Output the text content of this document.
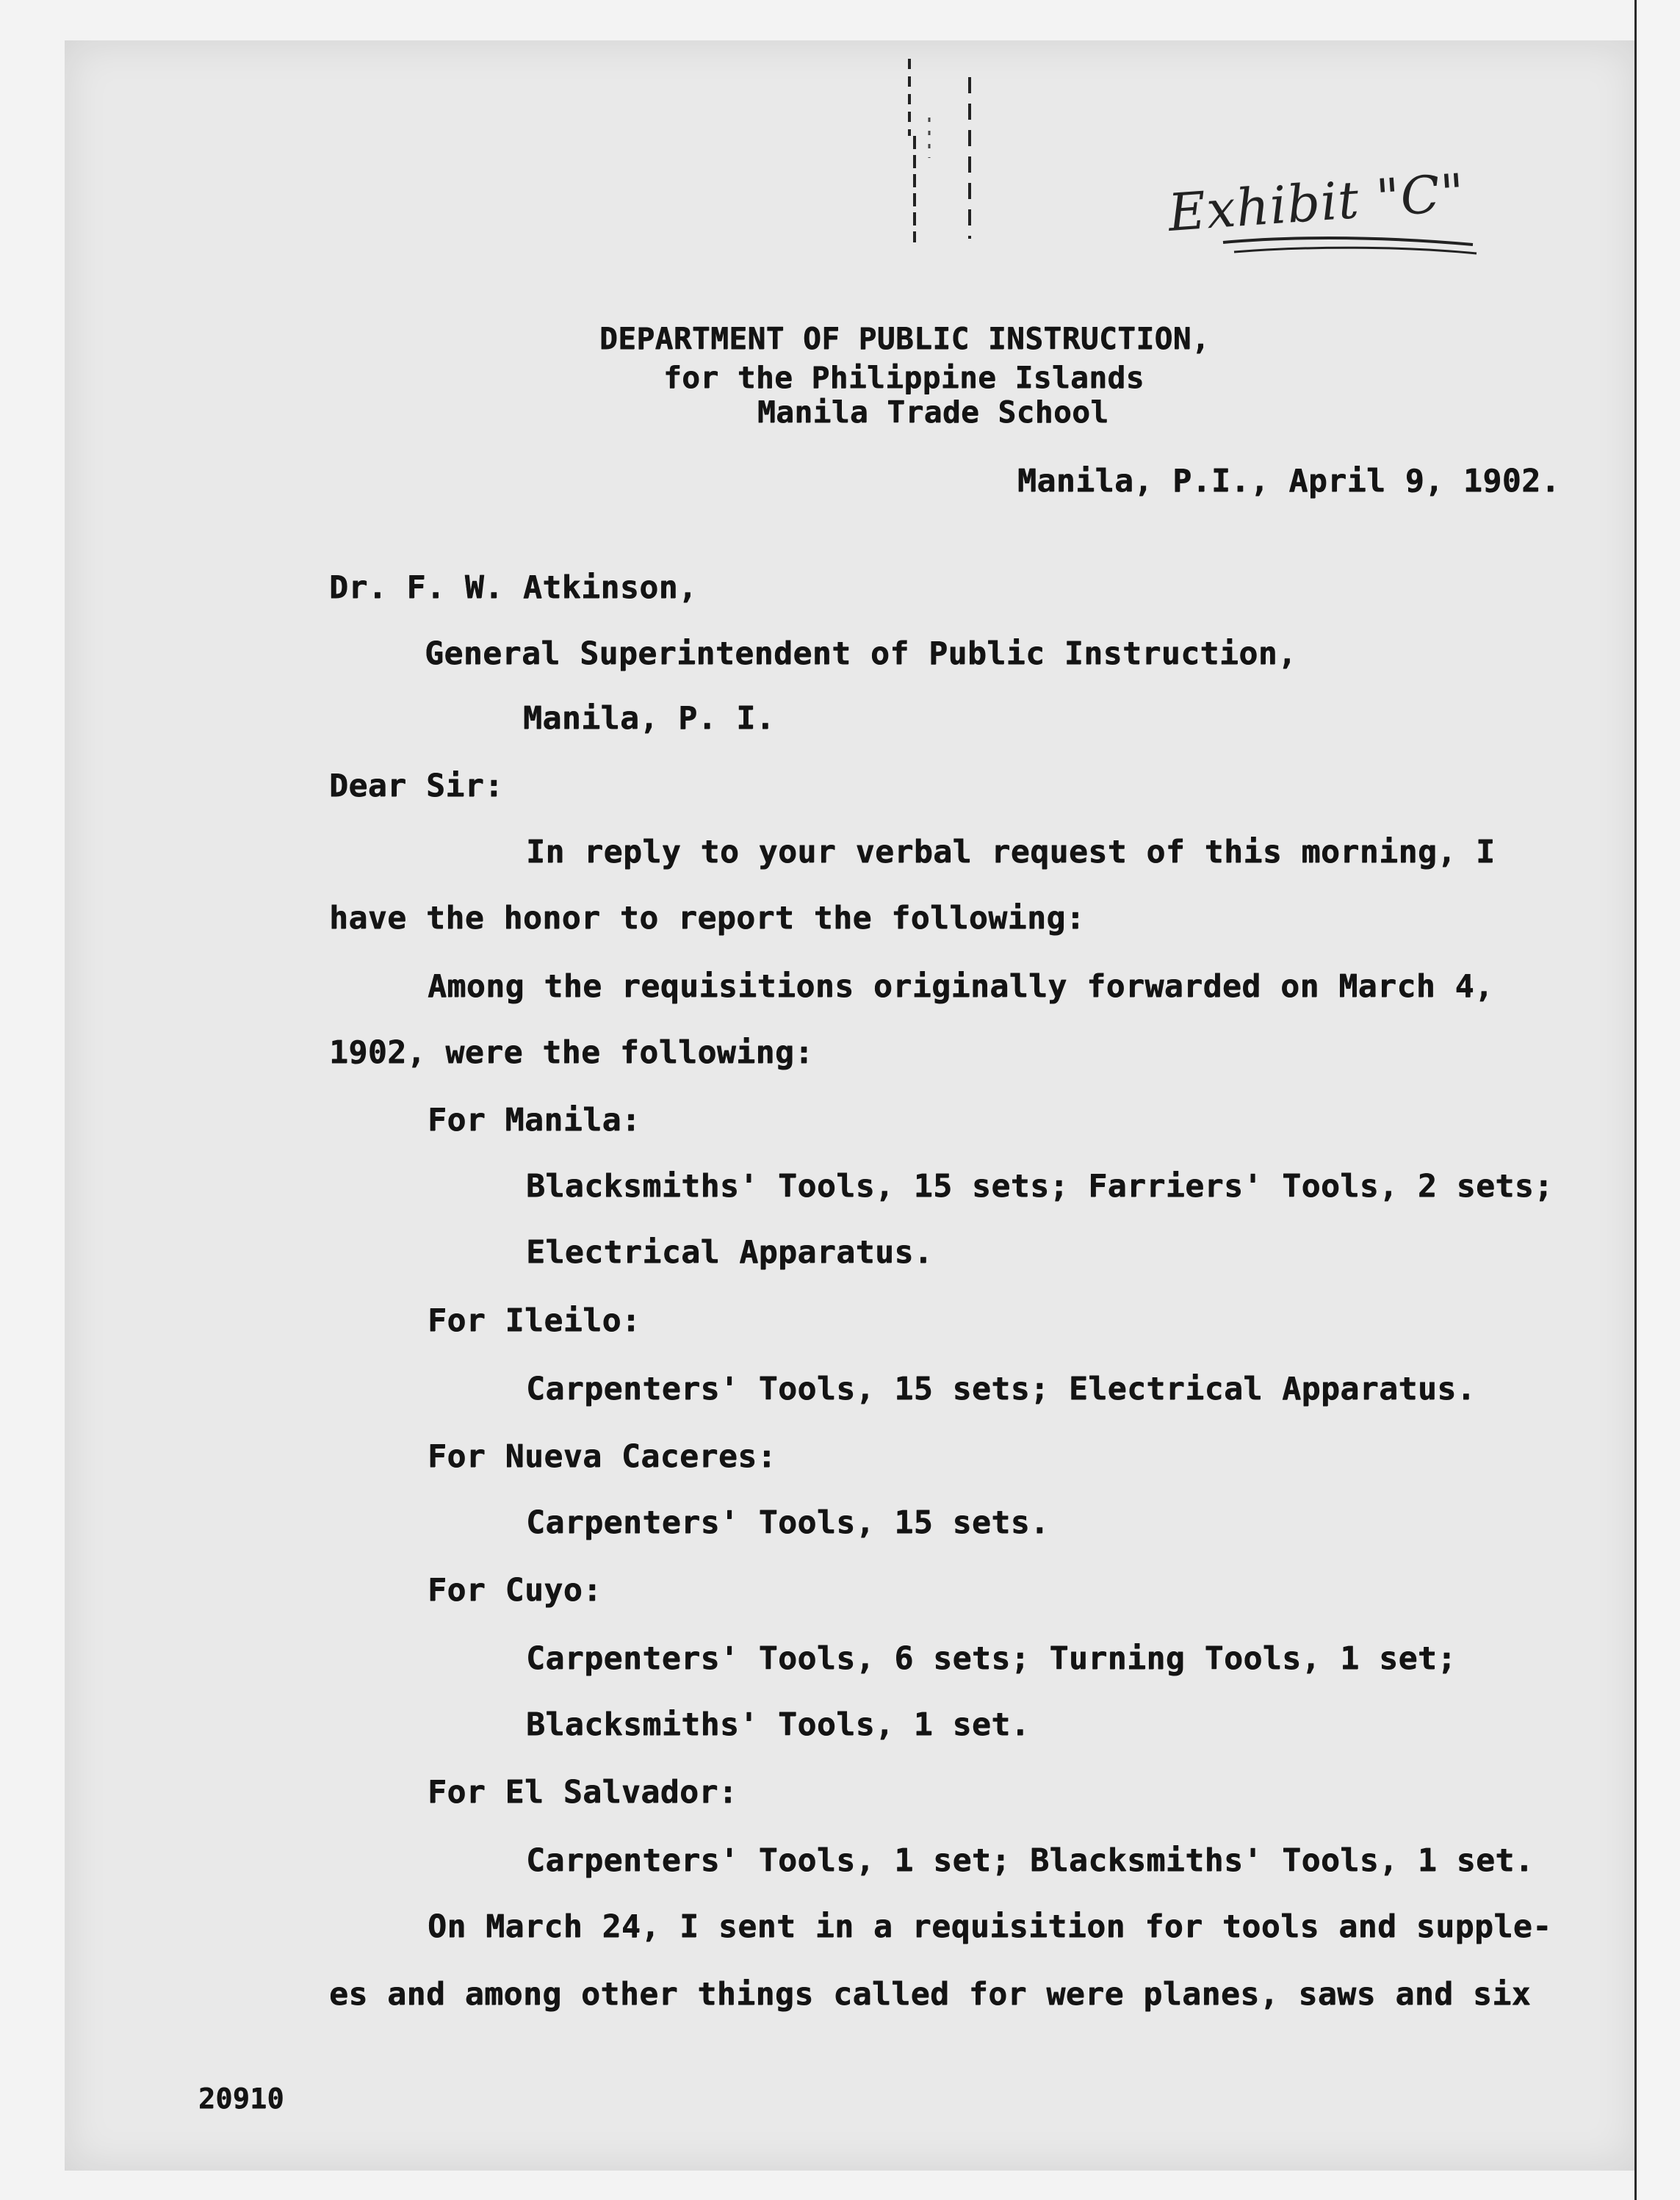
Exhibit "C"
DEPARTMENT OF PUBLIC INSTRUCTION,
for the Philippine Islands
Manila Trade School
Manila, P.I., April 9, 1902.
Dr. F. W. Atkinson,
General Superintendent of Public Instruction,
Manila, P. I.
Dear Sir:
In reply to your verbal request of this morning, I
have the honor to report the following:
Among the requisitions originally forwarded on March 4,
1902, were the following:
For Manila:
Blacksmiths' Tools, 15 sets; Farriers' Tools, 2 sets;
Electrical Apparatus.
For Ileilo:
Carpenters' Tools, 15 sets; Electrical Apparatus.
For Nueva Caceres:
Carpenters' Tools, 15 sets.
For Cuyo:
Carpenters' Tools, 6 sets; Turning Tools, 1 set;
Blacksmiths' Tools, 1 set.
For El Salvador:
Carpenters' Tools, 1 set; Blacksmiths' Tools, 1 set.
On March 24, I sent in a requisition for tools and supple-
es and among other things called for were planes, saws and six
20910
